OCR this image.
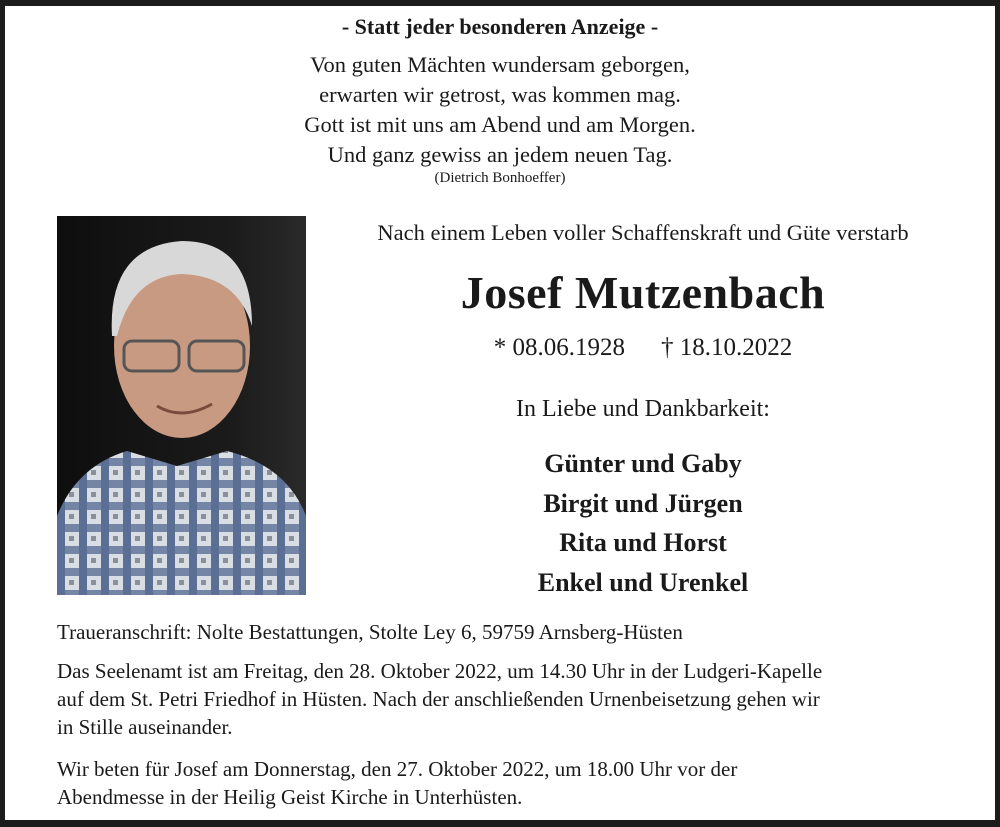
- Statt jeder besonderen Anzeige -
Von guten Mächten wundersam geborgen,
erwarten wir getrost, was kommen mag.
Gott ist mit uns am Abend und am Morgen.
Und ganz gewiss an jedem neuen Tag.
(Dietrich Bonhoeffer)
Nach einem Leben voller Schaffenskraft und Güte verstarb
Josef Mutzenbach
* 08.06.1928 † 18.10.2022
In Liebe und Dankbarkeit:
Günter und Gaby
Birgit und Jürgen
Rita und Horst
Enkel und Urenkel
Traueranschrift: Nolte Bestattungen, Stolte Ley 6, 59759 Arnsberg-Hüsten
Das Seelenamt ist am Freitag, den 28. Oktober 2022, um 14.30 Uhr in der Ludgeri-Kapelle
auf dem St. Petri Friedhof in Hüsten. Nach der anschließenden Urnenbeisetzung gehen wir
in Stille auseinander.
Wir beten für Josef am Donnerstag, den 27. Oktober 2022, um 18.00 Uhr vor der
Abendmesse in der Heilig Geist Kirche in Unterhüsten.
